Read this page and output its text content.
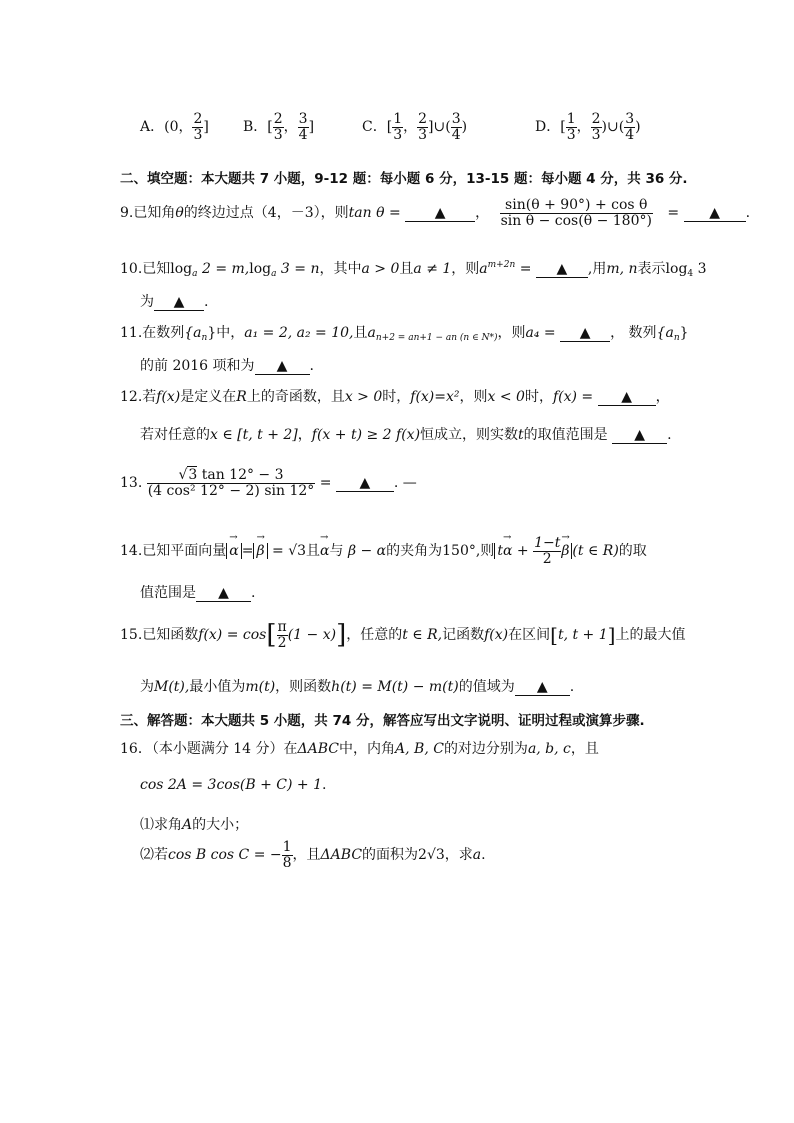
A．(0， $\frac{2}{3}$ ] B．[ $\frac{2}{3}$ ， $\frac{3}{4}$ ]	C．[ $\frac{1}{3}$ ， $\frac{2}{3}$ ]∪( $\frac{3}{4}$ )	D．[ $\frac{1}{3}$ ， $\frac{2}{3}$ )∪( $\frac{3}{4}$ )
二、填空题：本大题共 7 小题，9-12 题：每小题 6 分，13-15 题：每小题 4 分，共 36 分.
9.已知角θ的终边过点（4，－3），则tan θ = ▲ ， $\frac{\text{sin(θ + 90°) + cos θ}}{\text{sin θ − cos(θ − 180°)}}$ = ▲ .
10.已知$\log_a 2 = m,\log_a$ 3 = n，其中a > 0且a ≠ 1，则$a^{m+2n}$ = ▲ ,用m, n表示$\log_4 3$
为 ▲ .
11.在数列$\{a_n\}$中，a₁ = 2, a₂ = 10,且$a_{n+2 = an+1 - an (n \in N*)}$，则a₄ = ▲ ， 数列$\{a_n\}$
的前 2016 项和为 ▲ .
12.若f(x)是定义在R上的奇函数，且x > 0时，f(x)=x²，则x < 0时，f(x) = ▲ ，
若对任意的x ∈ [t, t + 2]，f(x + t) ≥ 2 f(x)恒成立，则实数t的取值范围是 ▲ .
13. $\frac{√3 \tan 12^\circ - 3}{\text{(4 cos² 12° − 2) sin 12°}}$ = ▲ . —
14.已知平面向量→ α =→ β = √3且→ α与 β − α的夹角为150°,则 $t\to \alpha + \frac{1-t}{2}$
→ β (t ∈ R)的取
值范围是 ▲ .
15.已知函数$f(x) = \cos[ \frac{\pi}{2} (1 - x)]$，任意的t ∈ R,记函数f(x)在区间[t, t + 1]上的最大值
为M(t),最小值为m(t)，则函数h(t) = M(t) − m(t)的值域为 ▲ .
三、解答题：本大题共 5 小题，共 74 分，解答应写出文字说明、证明过程或演算步骤.
16．（本小题满分 14 分）在ΔABC中，内角A, B, C的对边分别为a, b, c，且
cos 2A = 3cos(B + C) + 1.
⑴求角A的大小；
⑵若cos B cos C = − $\frac{1}{8}$ ，且ΔABC的面积为2√3，求a.
